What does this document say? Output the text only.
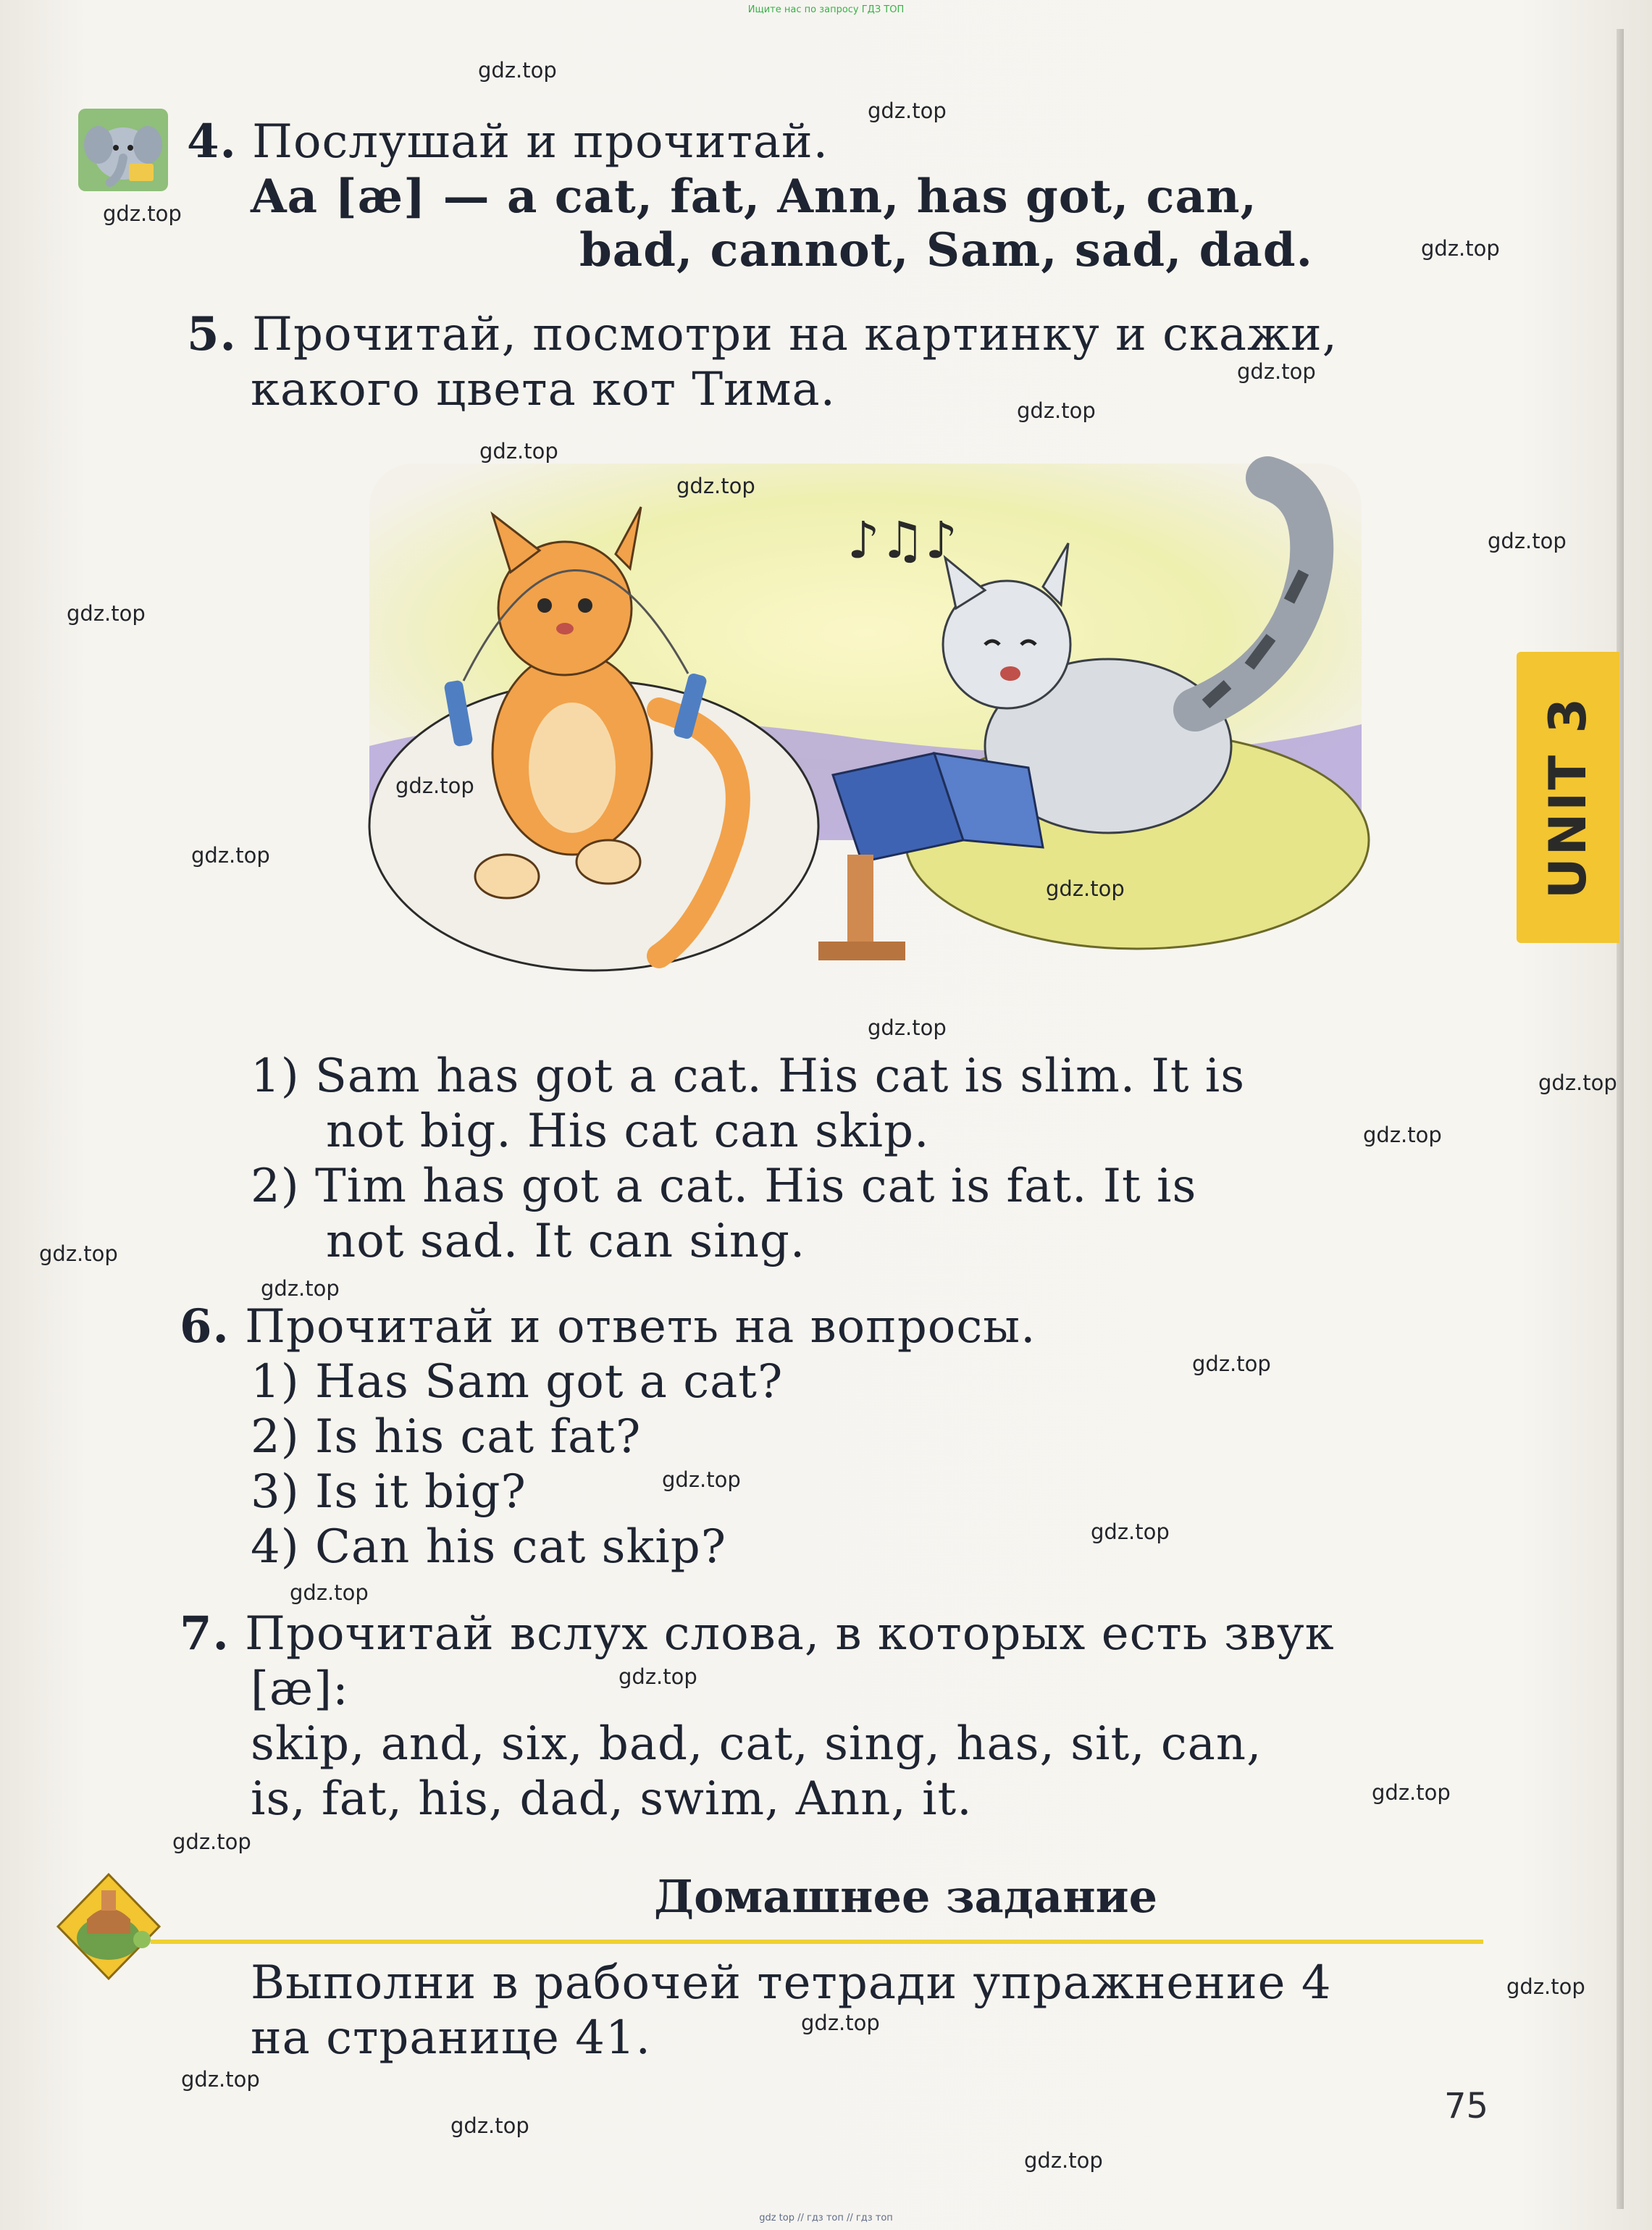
Ищите нас по запросу ГДЗ ТОП
4. Послушай и прочитай.
Aa [æ] — a cat, fat, Ann, has got, can,
bad, cannot, Sam, sad, dad.
5. Прочитай, посмотри на картинку и скажи,
какого цвета кот Тима.
♪♫♪
1) Sam has got a cat. His cat is slim. It is
not big. His cat can skip.
2) Tim has got a cat. His cat is fat. It is
not sad. It can sing.
6. Прочитай и ответь на вопросы.
1) Has Sam got a cat?
2) Is his cat fat?
3) Is it big?
4) Can his cat skip?
7. Прочитай вслух слова, в которых есть звук
[æ]:
skip, and, six, bad, cat, sing, has, sit, can,
is, fat, his, dad, swim, Ann, it.
Домашнее задание
Выполни в рабочей тетради упражнение 4
на странице 41.
UNIT 3
75
gdz.top
gdz.top
gdz.top
gdz.top
gdz.top
gdz.top
gdz.top
gdz.top
gdz.top
gdz.top
gdz.top
gdz.top
gdz.top
gdz.top
gdz.top
gdz.top
gdz.top
gdz.top
gdz.top
gdz.top
gdz.top
gdz.top
gdz.top
gdz.top
gdz.top
gdz.top
gdz.top
gdz.top
gdz.top
gdz.top
gdz top // гдз топ // гдз топ
